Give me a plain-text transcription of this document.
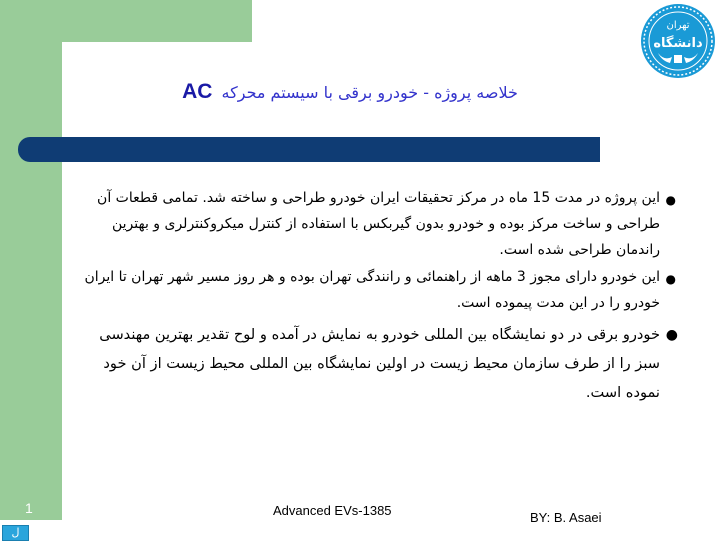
خلاصه پروژه - خودرو برقی با سیستم محرکه AC
تهران
دانشگاه
●

این پروژه در مدت 15 ماه در مرکز تحقیقات ایران خودرو طراحی و ساخته شد. تمامی قطعات آن طراحی و ساخت مرکز بوده و خودرو بدون گیربکس با استفاده از کنترل میکروکنترلری و بهترین راندمان طراحی شده است.

●

این خودرو دارای مجوز 3 ماهه از راهنمائی و رانندگی تهران بوده و هر روز مسیر شهر تهران تا ایران خودرو را در این مدت پیموده است.

●

خودرو برقی در دو نمایشگاه بین المللی خودرو به نمایش در آمده و لوح تقدیر بهترین مهندسی سبز را از طرف سازمان محیط زیست در اولین نمایشگاه بین المللی محیط زیست از آن خود نموده است.

1	Advanced EVs-1385	BY: B. Asaei
ل
